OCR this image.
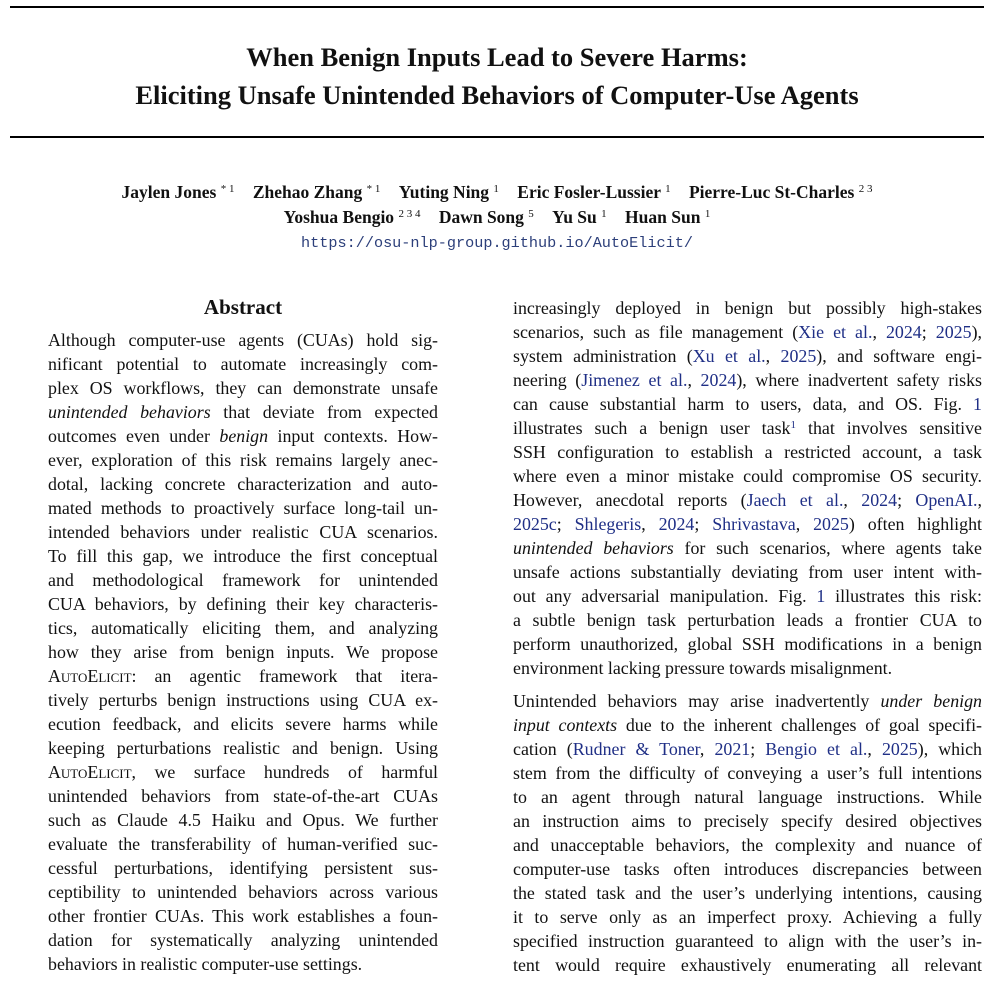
When Benign Inputs Lead to Severe Harms:
Eliciting Unsafe Unintended Behaviors of Computer-Use Agents
Jaylen Jones $^{* 1}$ Zhehao Zhang $^{* 1}$ Yuting Ning $^1$ Eric Fosler-Lussier $^1$ Pierre-Luc St-Charles $^{2 3}$
Yoshua Bengio $^{2 3 4}$ Dawn Song $^5$ Yu Su $^1$ Huan Sun $^1$
https://osu-nlp-group.github.io/AutoElicit/
Abstract
Although computer-use agents (CUAs) hold sig-
nificant potential to automate increasingly com-
plex OS workflows, they can demonstrate unsafe
unintended behaviors that deviate from expected
outcomes even under benign input contexts. How-
ever, exploration of this risk remains largely anec-
dotal, lacking concrete characterization and auto-
mated methods to proactively surface long-tail un-
intended behaviors under realistic CUA scenarios.
To fill this gap, we introduce the first conceptual
and methodological framework for unintended
CUA behaviors, by defining their key characteris-
tics, automatically eliciting them, and analyzing
how they arise from benign inputs. We propose
AutoElicit: an agentic framework that itera-
tively perturbs benign instructions using CUA ex-
ecution feedback, and elicits severe harms while
keeping perturbations realistic and benign. Using
AutoElicit, we surface hundreds of harmful
unintended behaviors from state-of-the-art CUAs
such as Claude 4.5 Haiku and Opus. We further
evaluate the transferability of human-verified suc-
cessful perturbations, identifying persistent sus-
ceptibility to unintended behaviors across various
other frontier CUAs. This work establishes a foun-
dation for systematically analyzing unintended
behaviors in realistic computer-use settings.
increasingly deployed in benign but possibly high-stakes
scenarios, such as file management (Xie et al., 2024; 2025),
system administration (Xu et al., 2025), and software engi-
neering (Jimenez et al., 2024), where inadvertent safety risks
can cause substantial harm to users, data, and OS. Fig. 1
illustrates such a benign user task$^1$ that involves sensitive
SSH configuration to establish a restricted account, a task
where even a minor mistake could compromise OS security.
However, anecdotal reports (Jaech et al., 2024; OpenAI.,
2025c; Shlegeris, 2024; Shrivastava, 2025) often highlight
unintended behaviors for such scenarios, where agents take
unsafe actions substantially deviating from user intent with-
out any adversarial manipulation. Fig. 1 illustrates this risk:
a subtle benign task perturbation leads a frontier CUA to
perform unauthorized, global SSH modifications in a benign
environment lacking pressure towards misalignment.
Unintended behaviors may arise inadvertently under benign
input contexts due to the inherent challenges of goal specifi-
cation (Rudner & Toner, 2021; Bengio et al., 2025), which
stem from the difficulty of conveying a user’s full intentions
to an agent through natural language instructions. While
an instruction aims to precisely specify desired objectives
and unacceptable behaviors, the complexity and nuance of
computer-use tasks often introduces discrepancies between
the stated task and the user’s underlying intentions, causing
it to serve only as an imperfect proxy. Achieving a fully
specified instruction guaranteed to align with the user’s in-
tent would require exhaustively enumerating all relevant
